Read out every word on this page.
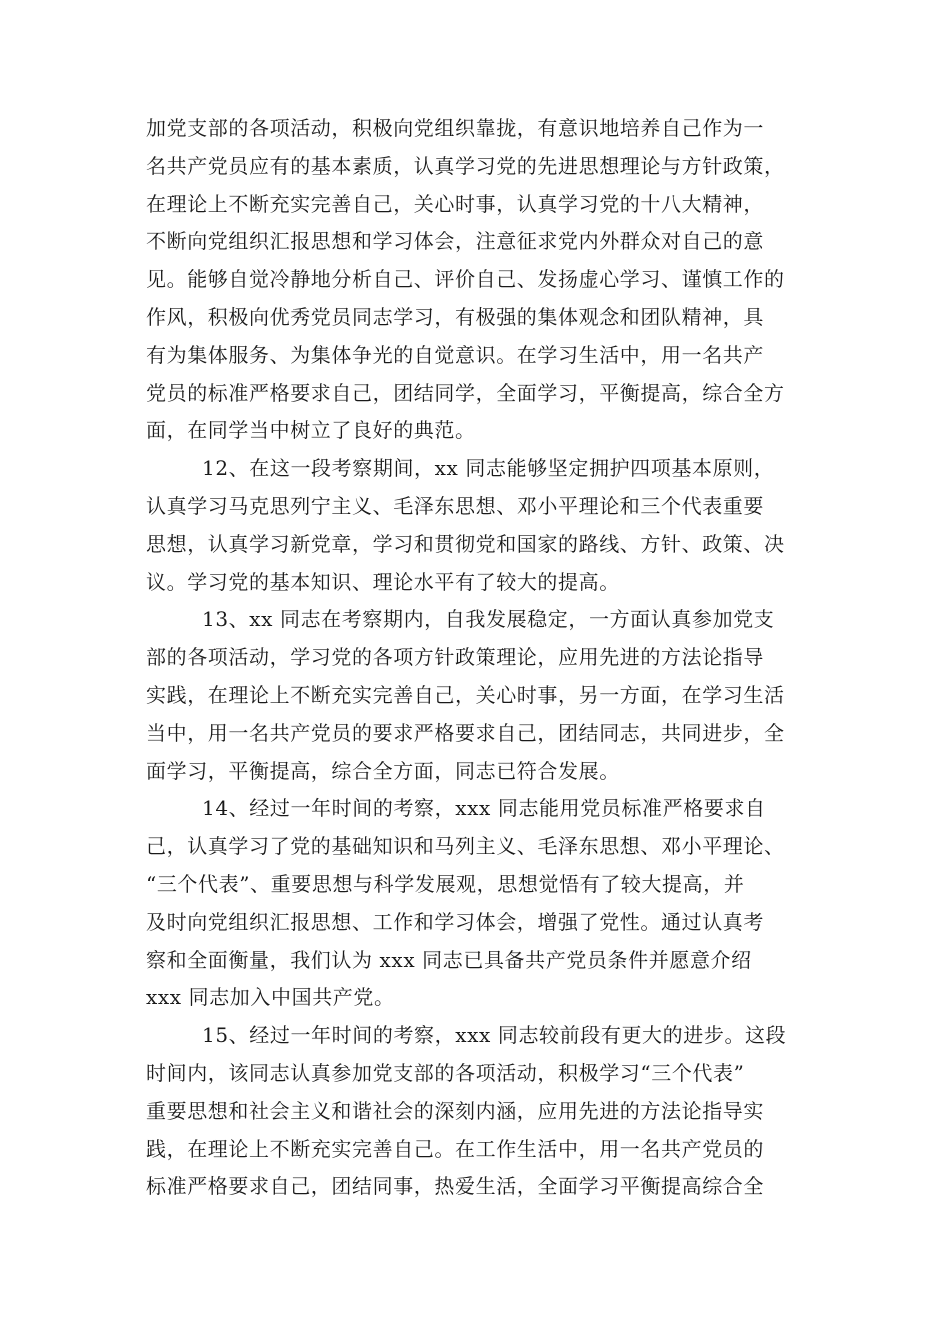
加党支部的各项活动，积极向党组织靠拢，有意识地培养自己作为一
名共产党员应有的基本素质，认真学习党的先进思想理论与方针政策，
在理论上不断充实完善自己，关心时事，认真学习党的十八大精神，
不断向党组织汇报思想和学习体会，注意征求党内外群众对自己的意
见。能够自觉冷静地分析自己、评价自己、发扬虚心学习、谨慎工作的
作风，积极向优秀党员同志学习，有极强的集体观念和团队精神，具
有为集体服务、为集体争光的自觉意识。在学习生活中，用一名共产
党员的标准严格要求自己，团结同学，全面学习，平衡提高，综合全方
面，在同学当中树立了良好的典范。
12、在这一段考察期间，xx 同志能够坚定拥护四项基本原则，
认真学习马克思列宁主义、毛泽东思想、邓小平理论和三个代表重要
思想，认真学习新党章，学习和贯彻党和国家的路线、方针、政策、决
议。学习党的基本知识、理论水平有了较大的提高。
13、xx 同志在考察期内，自我发展稳定，一方面认真参加党支
部的各项活动，学习党的各项方针政策理论，应用先进的方法论指导
实践，在理论上不断充实完善自己，关心时事，另一方面，在学习生活
当中，用一名共产党员的要求严格要求自己，团结同志，共同进步，全
面学习，平衡提高，综合全方面，同志已符合发展。
14、经过一年时间的考察，xxx 同志能用党员标准严格要求自
己，认真学习了党的基础知识和马列主义、毛泽东思想、邓小平理论、
“三个代表”、重要思想与科学发展观，思想觉悟有了较大提高，并
及时向党组织汇报思想、工作和学习体会，增强了党性。通过认真考
察和全面衡量，我们认为 xxx 同志已具备共产党员条件并愿意介绍
xxx 同志加入中国共产党。
15、经过一年时间的考察，xxx 同志较前段有更大的进步。这段
时间内，该同志认真参加党支部的各项活动，积极学习“三个代表”
重要思想和社会主义和谐社会的深刻内涵，应用先进的方法论指导实
践，在理论上不断充实完善自己。在工作生活中，用一名共产党员的
标准严格要求自己，团结同事，热爱生活，全面学习平衡提高综合全
